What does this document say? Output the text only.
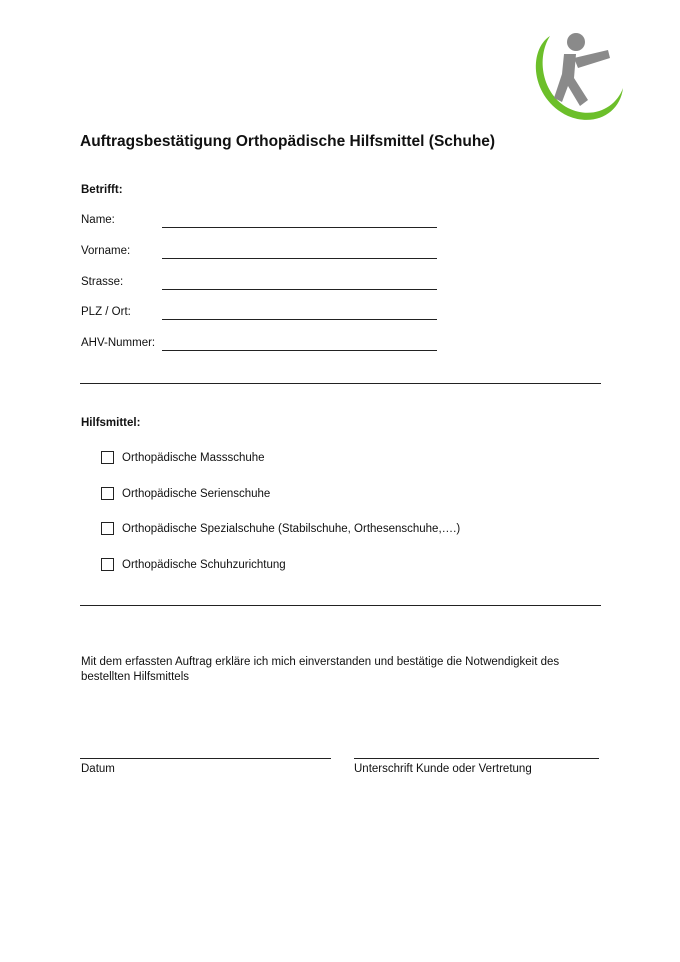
Auftragsbestätigung Orthopädische Hilfsmittel (Schuhe)
Betrifft:
Name:
Vorname:
Strasse:
PLZ / Ort:
AHV-Nummer:
Hilfsmittel:
Orthopädische Massschuhe
Orthopädische Serienschuhe
Orthopädische Spezialschuhe (Stabilschuhe, Orthesenschuhe,….)
Orthopädische Schuhzurichtung
Mit dem erfassten Auftrag erkläre ich mich einverstanden und bestätige die Notwendigkeit des bestellten Hilfsmittels
Datum	Unterschrift Kunde oder Vertretung
